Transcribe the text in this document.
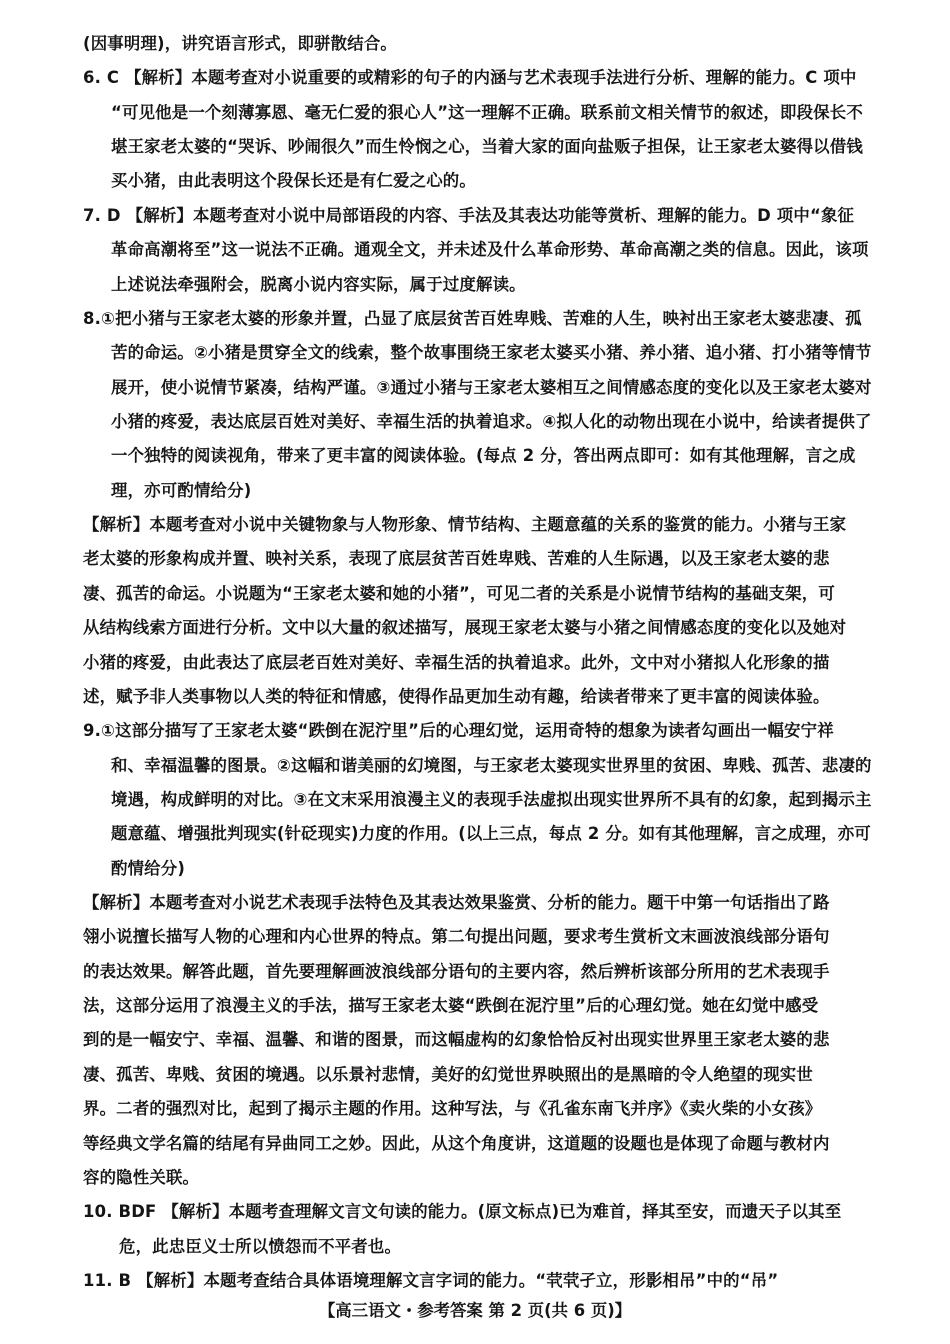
(因事明理)，讲究语言形式，即骈散结合。
6. C 【解析】本题考查对小说重要的或精彩的句子的内涵与艺术表现手法进行分析、理解的能力。C 项中
“可见他是一个刻薄寡恩、毫无仁爱的狠心人”这一理解不正确。联系前文相关情节的叙述，即段保长不
堪王家老太婆的“哭诉、吵闹很久”而生怜悯之心，当着大家的面向盐贩子担保，让王家老太婆得以借钱
买小猪，由此表明这个段保长还是有仁爱之心的。
7. D 【解析】本题考查对小说中局部语段的内容、手法及其表达功能等赏析、理解的能力。D 项中“象征
革命高潮将至”这一说法不正确。通观全文，并未述及什么革命形势、革命高潮之类的信息。因此，该项
上述说法牵强附会，脱离小说内容实际，属于过度解读。
8.①把小猪与王家老太婆的形象并置，凸显了底层贫苦百姓卑贱、苦难的人生，映衬出王家老太婆悲凄、孤
苦的命运。②小猪是贯穿全文的线索，整个故事围绕王家老太婆买小猪、养小猪、追小猪、打小猪等情节
展开，使小说情节紧凑，结构严谨。③通过小猪与王家老太婆相互之间情感态度的变化以及王家老太婆对
小猪的疼爱，表达底层百姓对美好、幸福生活的执着追求。④拟人化的动物出现在小说中，给读者提供了
一个独特的阅读视角，带来了更丰富的阅读体验。(每点 2 分，答出两点即可：如有其他理解，言之成
理，亦可酌情给分)
【解析】本题考查对小说中关键物象与人物形象、情节结构、主题意蕴的关系的鉴赏的能力。小猪与王家
老太婆的形象构成并置、映衬关系，表现了底层贫苦百姓卑贱、苦难的人生际遇，以及王家老太婆的悲
凄、孤苦的命运。小说题为“王家老太婆和她的小猪”，可见二者的关系是小说情节结构的基础支架，可
从结构线索方面进行分析。文中以大量的叙述描写，展现王家老太婆与小猪之间情感态度的变化以及她对
小猪的疼爱，由此表达了底层老百姓对美好、幸福生活的执着追求。此外，文中对小猪拟人化形象的描
述，赋予非人类事物以人类的特征和情感，使得作品更加生动有趣，给读者带来了更丰富的阅读体验。
9.①这部分描写了王家老太婆“跌倒在泥泞里”后的心理幻觉，运用奇特的想象为读者勾画出一幅安宁祥
和、幸福温馨的图景。②这幅和谐美丽的幻境图，与王家老太婆现实世界里的贫困、卑贱、孤苦、悲凄的
境遇，构成鲜明的对比。③在文末采用浪漫主义的表现手法虚拟出现实世界所不具有的幻象，起到揭示主
题意蕴、增强批判现实(针砭现实)力度的作用。(以上三点，每点 2 分。如有其他理解，言之成理，亦可
酌情给分)
【解析】本题考查对小说艺术表现手法特色及其表达效果鉴赏、分析的能力。题干中第一句话指出了路
翎小说擅长描写人物的心理和内心世界的特点。第二句提出问题，要求考生赏析文末画波浪线部分语句
的表达效果。解答此题，首先要理解画波浪线部分语句的主要内容，然后辨析该部分所用的艺术表现手
法，这部分运用了浪漫主义的手法，描写王家老太婆“跌倒在泥泞里”后的心理幻觉。她在幻觉中感受
到的是一幅安宁、幸福、温馨、和谐的图景，而这幅虚构的幻象恰恰反衬出现实世界里王家老太婆的悲
凄、孤苦、卑贱、贫困的境遇。以乐景衬悲情，美好的幻觉世界映照出的是黑暗的令人绝望的现实世
界。二者的强烈对比，起到了揭示主题的作用。这种写法，与《孔雀东南飞并序》《卖火柴的小女孩》
等经典文学名篇的结尾有异曲同工之妙。因此，从这个角度讲，这道题的设题也是体现了命题与教材内
容的隐性关联。
10. BDF 【解析】本题考查理解文言文句读的能力。(原文标点)已为难首，择其至安，而遗天子以其至
危，此忠臣义士所以愤怨而不平者也。
11. B 【解析】本题考查结合具体语境理解文言字词的能力。“茕茕孑立，形影相吊”中的“吊”
【高三语文・参考答案 第 2 页(共 6 页)】
